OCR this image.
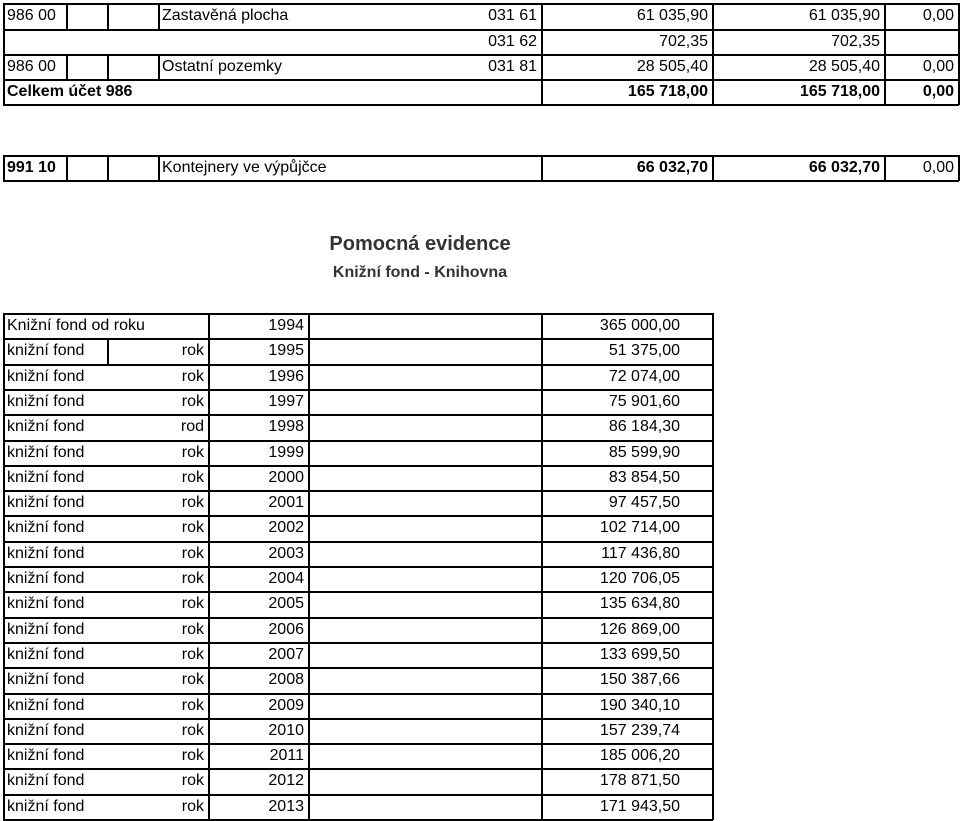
986 00	Zastavěná plocha	031 61	61 035,90	61 035,90	0,00
031 62	702,35	702,35
986 00	Ostatní pozemky	031 81	28 505,40	28 505,40	0,00
Celkem účet 986	165 718,00	165 718,00	0,00
991 10	Kontejnery ve výpůjčce	66 032,70	66 032,70	0,00
Pomocná evidence
Knižní fond - Knihovna
Knižní fond od roku	1994	365 000,00
knižní fond	rok	1995	51 375,00
knižní fond	rok	1996	72 074,00
knižní fond	rok	1997	75 901,60
knižní fond	rod	1998	86 184,30
knižní fond	rok	1999	85 599,90
knižní fond	rok	2000	83 854,50
knižní fond	rok	2001	97 457,50
knižní fond	rok	2002	102 714,00
knižní fond	rok	2003	117 436,80
knižní fond	rok	2004	120 706,05
knižní fond	rok	2005	135 634,80
knižní fond	rok	2006	126 869,00
knižní fond	rok	2007	133 699,50
knižní fond	rok	2008	150 387,66
knižní fond	rok	2009	190 340,10
knižní fond	rok	2010	157 239,74
knižní fond	rok	2011	185 006,20
knižní fond	rok	2012	178 871,50
knižní fond	rok	2013	171 943,50
